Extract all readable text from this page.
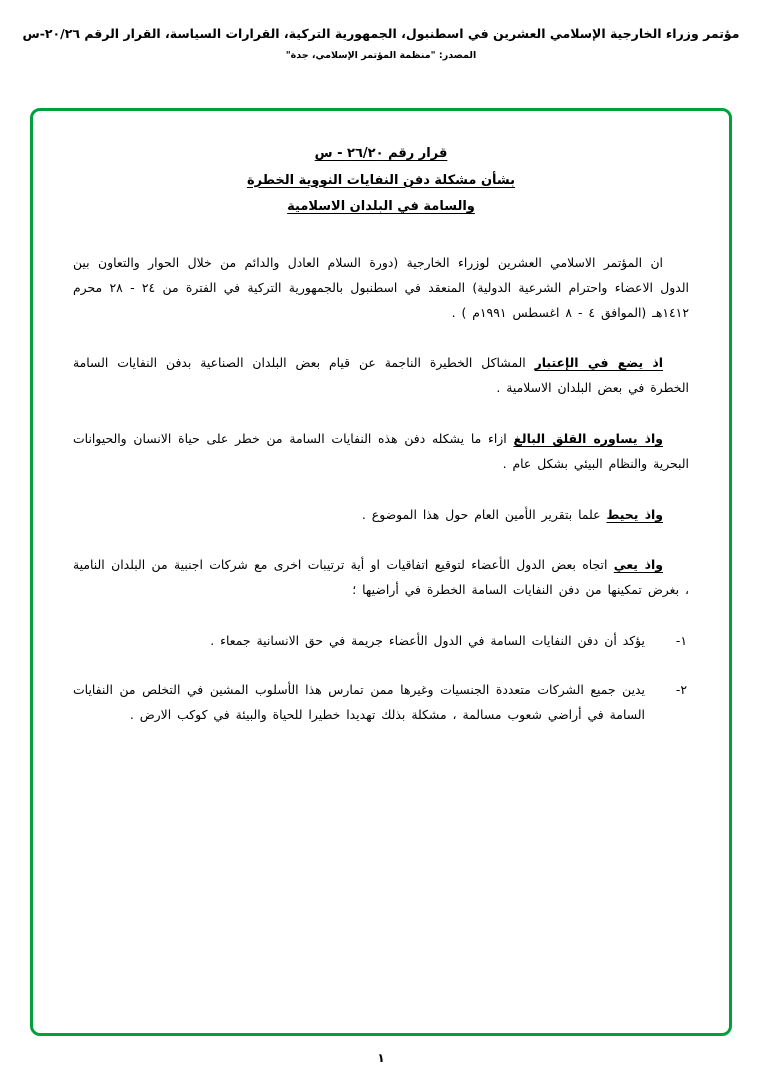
مؤتمر وزراء الخارجية الإسلامي العشرين في اسطنبول، الجمهورية التركية، القرارات السياسة، القرار الرقم ٢٠/٢٦-س
المصدر: "منظمة المؤتمر الإسلامي، جدة"
قرار رقم ٢٦/٢٠ - س
بشأن مشكلة دفن النفايات النووية الخطرة
والسامة في البلدان الاسلامية

ان المؤتمر الاسلامي العشرين لوزراء الخارجية (دورة السلام العادل والدائم من خلال الحوار والتعاون بين الدول الاعضاء واحترام الشرعية الدولية) المنعقد في اسطنبول بالجمهورية التركية في الفترة من ٢٤ - ٢٨ محرم ١٤١٢هـ (الموافق ٤ - ٨ اغسطس ١٩٩١م ) .

اذ يضع في الإعتبار المشاكل الخطيرة الناجمة عن قيام بعض البلدان الصناعية بدفن النفايات السامة الخطرة في بعض البلدان الاسلامية .

واذ يساوره القلق البالغ ازاء ما يشكله دفن هذه النفايات السامة من خطر على حياة الانسان والحيوانات البحرية والنظام البيئي بشكل عام .

واذ يحيط علما بتقرير الأمين العام حول هذا الموضوع .

واذ يعي اتجاه بعض الدول الأعضاء لتوقيع اتفاقيات او أية ترتيبات اخرى مع شركات اجنبية من البلدان النامية ، بغرض تمكينها من دفن النفايات السامة الخطرة في أراضيها ؛

١-
يؤكد أن دفن النفايات السامة في الدول الأعضاء جريمة في حق الانسانية جمعاء .
٢-
يدين جميع الشركات متعددة الجنسيات وغيرها ممن تمارس هذا الأسلوب المشين في التخلص من النفايات السامة في أراضي شعوب مسالمة ، مشكلة بذلك تهديدا خطيرا للحياة والبيئة في كوكب الارض .
١
